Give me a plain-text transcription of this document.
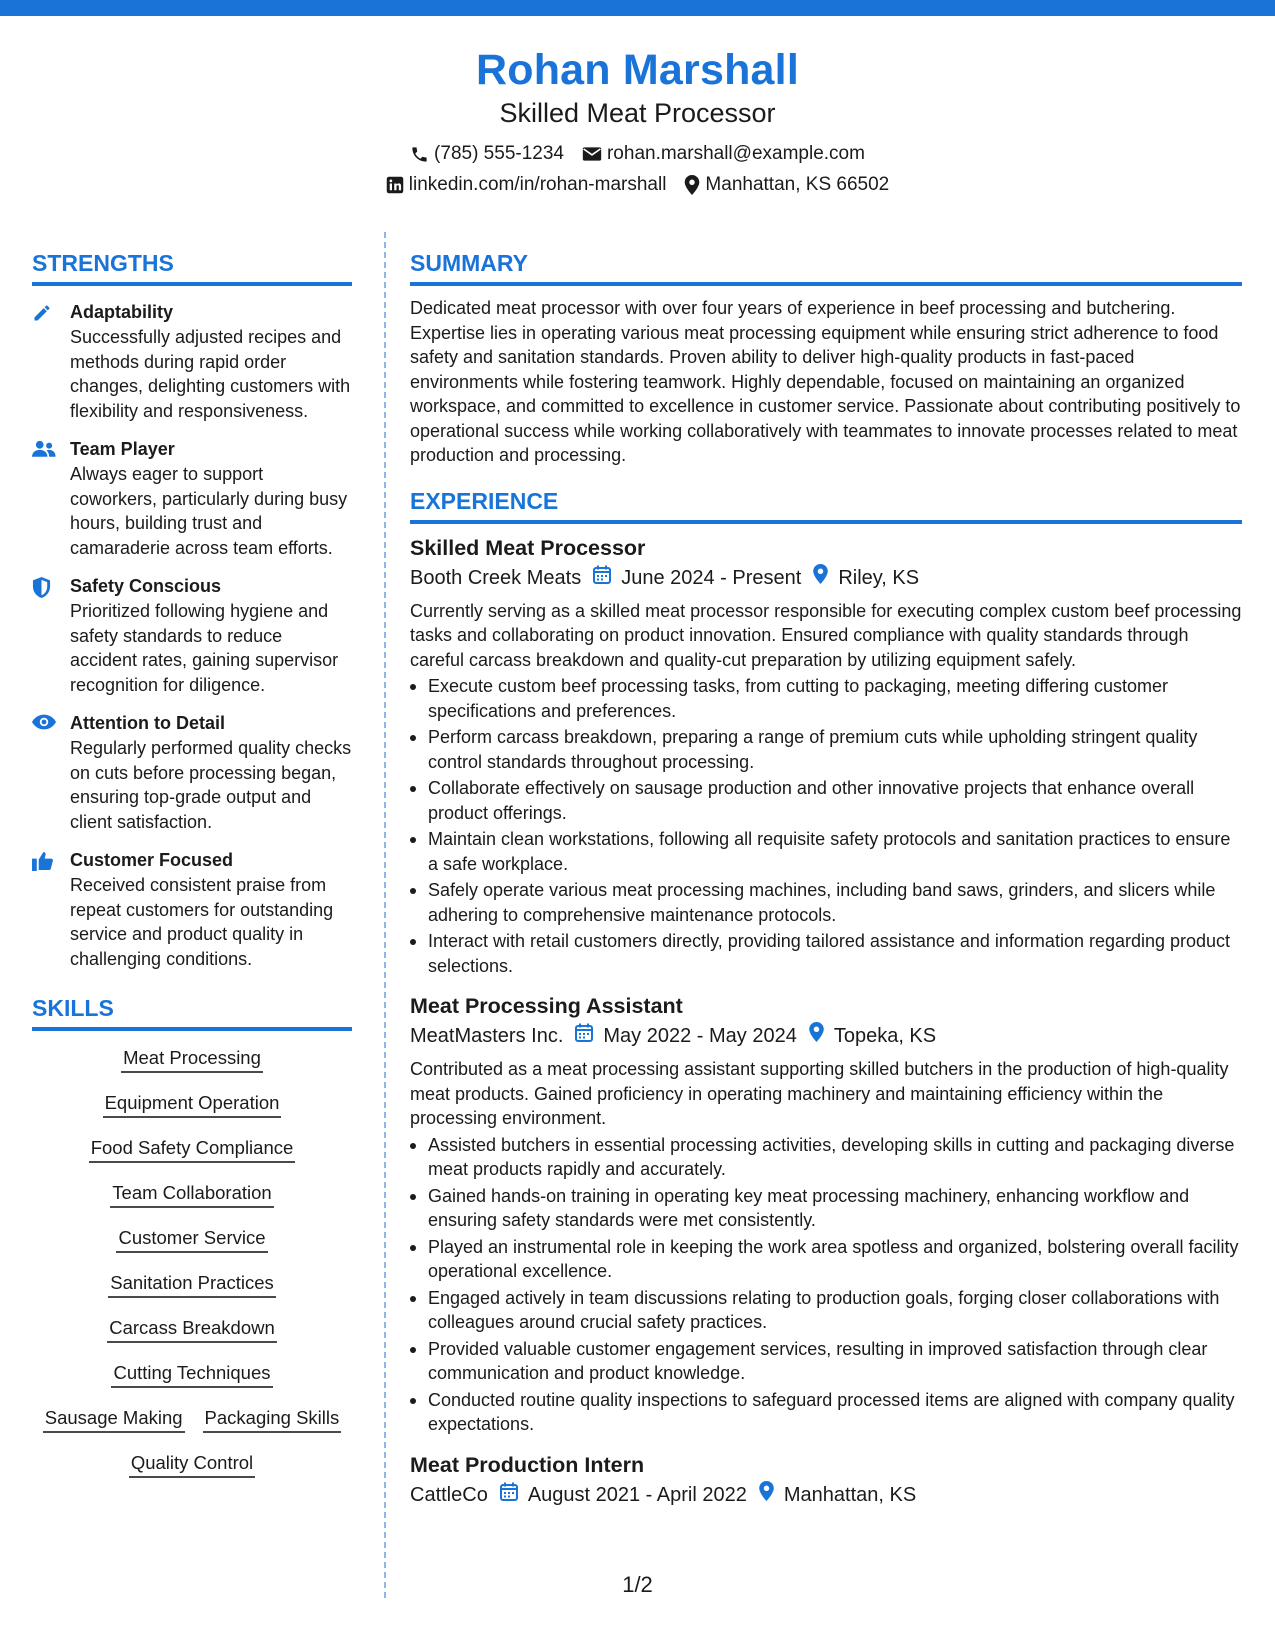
Rohan Marshall
Skilled Meat Processor
(785) 555-1234 rohan.marshall@example.com
linkedin.com/in/rohan-marshall Manhattan, KS 66502
STRENGTHS
Adaptability
Successfully adjusted recipes and methods during rapid order changes, delighting customers with flexibility and responsiveness.
Team Player
Always eager to support coworkers, particularly during busy hours, building trust and camaraderie across team efforts.
Safety Conscious
Prioritized following hygiene and safety standards to reduce accident rates, gaining supervisor recognition for diligence.
Attention to Detail
Regularly performed quality checks on cuts before processing began, ensuring top-grade output and client satisfaction.
Customer Focused
Received consistent praise from repeat customers for outstanding service and product quality in challenging conditions.
SKILLS
Meat Processing
Equipment Operation
Food Safety Compliance
Team Collaboration
Customer Service
Sanitation Practices
Carcass Breakdown
Cutting Techniques
Sausage Making Packaging Skills
Quality Control
SUMMARY
Dedicated meat processor with over four years of experience in beef processing and butchering. Expertise lies in operating various meat processing equipment while ensuring strict adherence to food safety and sanitation standards. Proven ability to deliver high-quality products in fast-paced environments while fostering teamwork. Highly dependable, focused on maintaining an organized workspace, and committed to excellence in customer service. Passionate about contributing positively to operational success while working collaboratively with teammates to innovate processes related to meat production and processing.
EXPERIENCE
Skilled Meat Processor
Booth Creek Meats June 2024 - Present Riley, KS
Currently serving as a skilled meat processor responsible for executing complex custom beef processing tasks and collaborating on product innovation. Ensured compliance with quality standards through careful carcass breakdown and quality-cut preparation by utilizing equipment safely.
Execute custom beef processing tasks, from cutting to packaging, meeting differing customer specifications and preferences.
Perform carcass breakdown, preparing a range of premium cuts while upholding stringent quality control standards throughout processing.
Collaborate effectively on sausage production and other innovative projects that enhance overall product offerings.
Maintain clean workstations, following all requisite safety protocols and sanitation practices to ensure a safe workplace.
Safely operate various meat processing machines, including band saws, grinders, and slicers while adhering to comprehensive maintenance protocols.
Interact with retail customers directly, providing tailored assistance and information regarding product selections.
Meat Processing Assistant
MeatMasters Inc. May 2022 - May 2024 Topeka, KS
Contributed as a meat processing assistant supporting skilled butchers in the production of high-quality meat products. Gained proficiency in operating machinery and maintaining efficiency within the processing environment.
Assisted butchers in essential processing activities, developing skills in cutting and packaging diverse meat products rapidly and accurately.
Gained hands-on training in operating key meat processing machinery, enhancing workflow and ensuring safety standards were met consistently.
Played an instrumental role in keeping the work area spotless and organized, bolstering overall facility operational excellence.
Engaged actively in team discussions relating to production goals, forging closer collaborations with colleagues around crucial safety practices.
Provided valuable customer engagement services, resulting in improved satisfaction through clear communication and product knowledge.
Conducted routine quality inspections to safeguard processed items are aligned with company quality expectations.
Meat Production Intern
CattleCo August 2021 - April 2022 Manhattan, KS
1/2
